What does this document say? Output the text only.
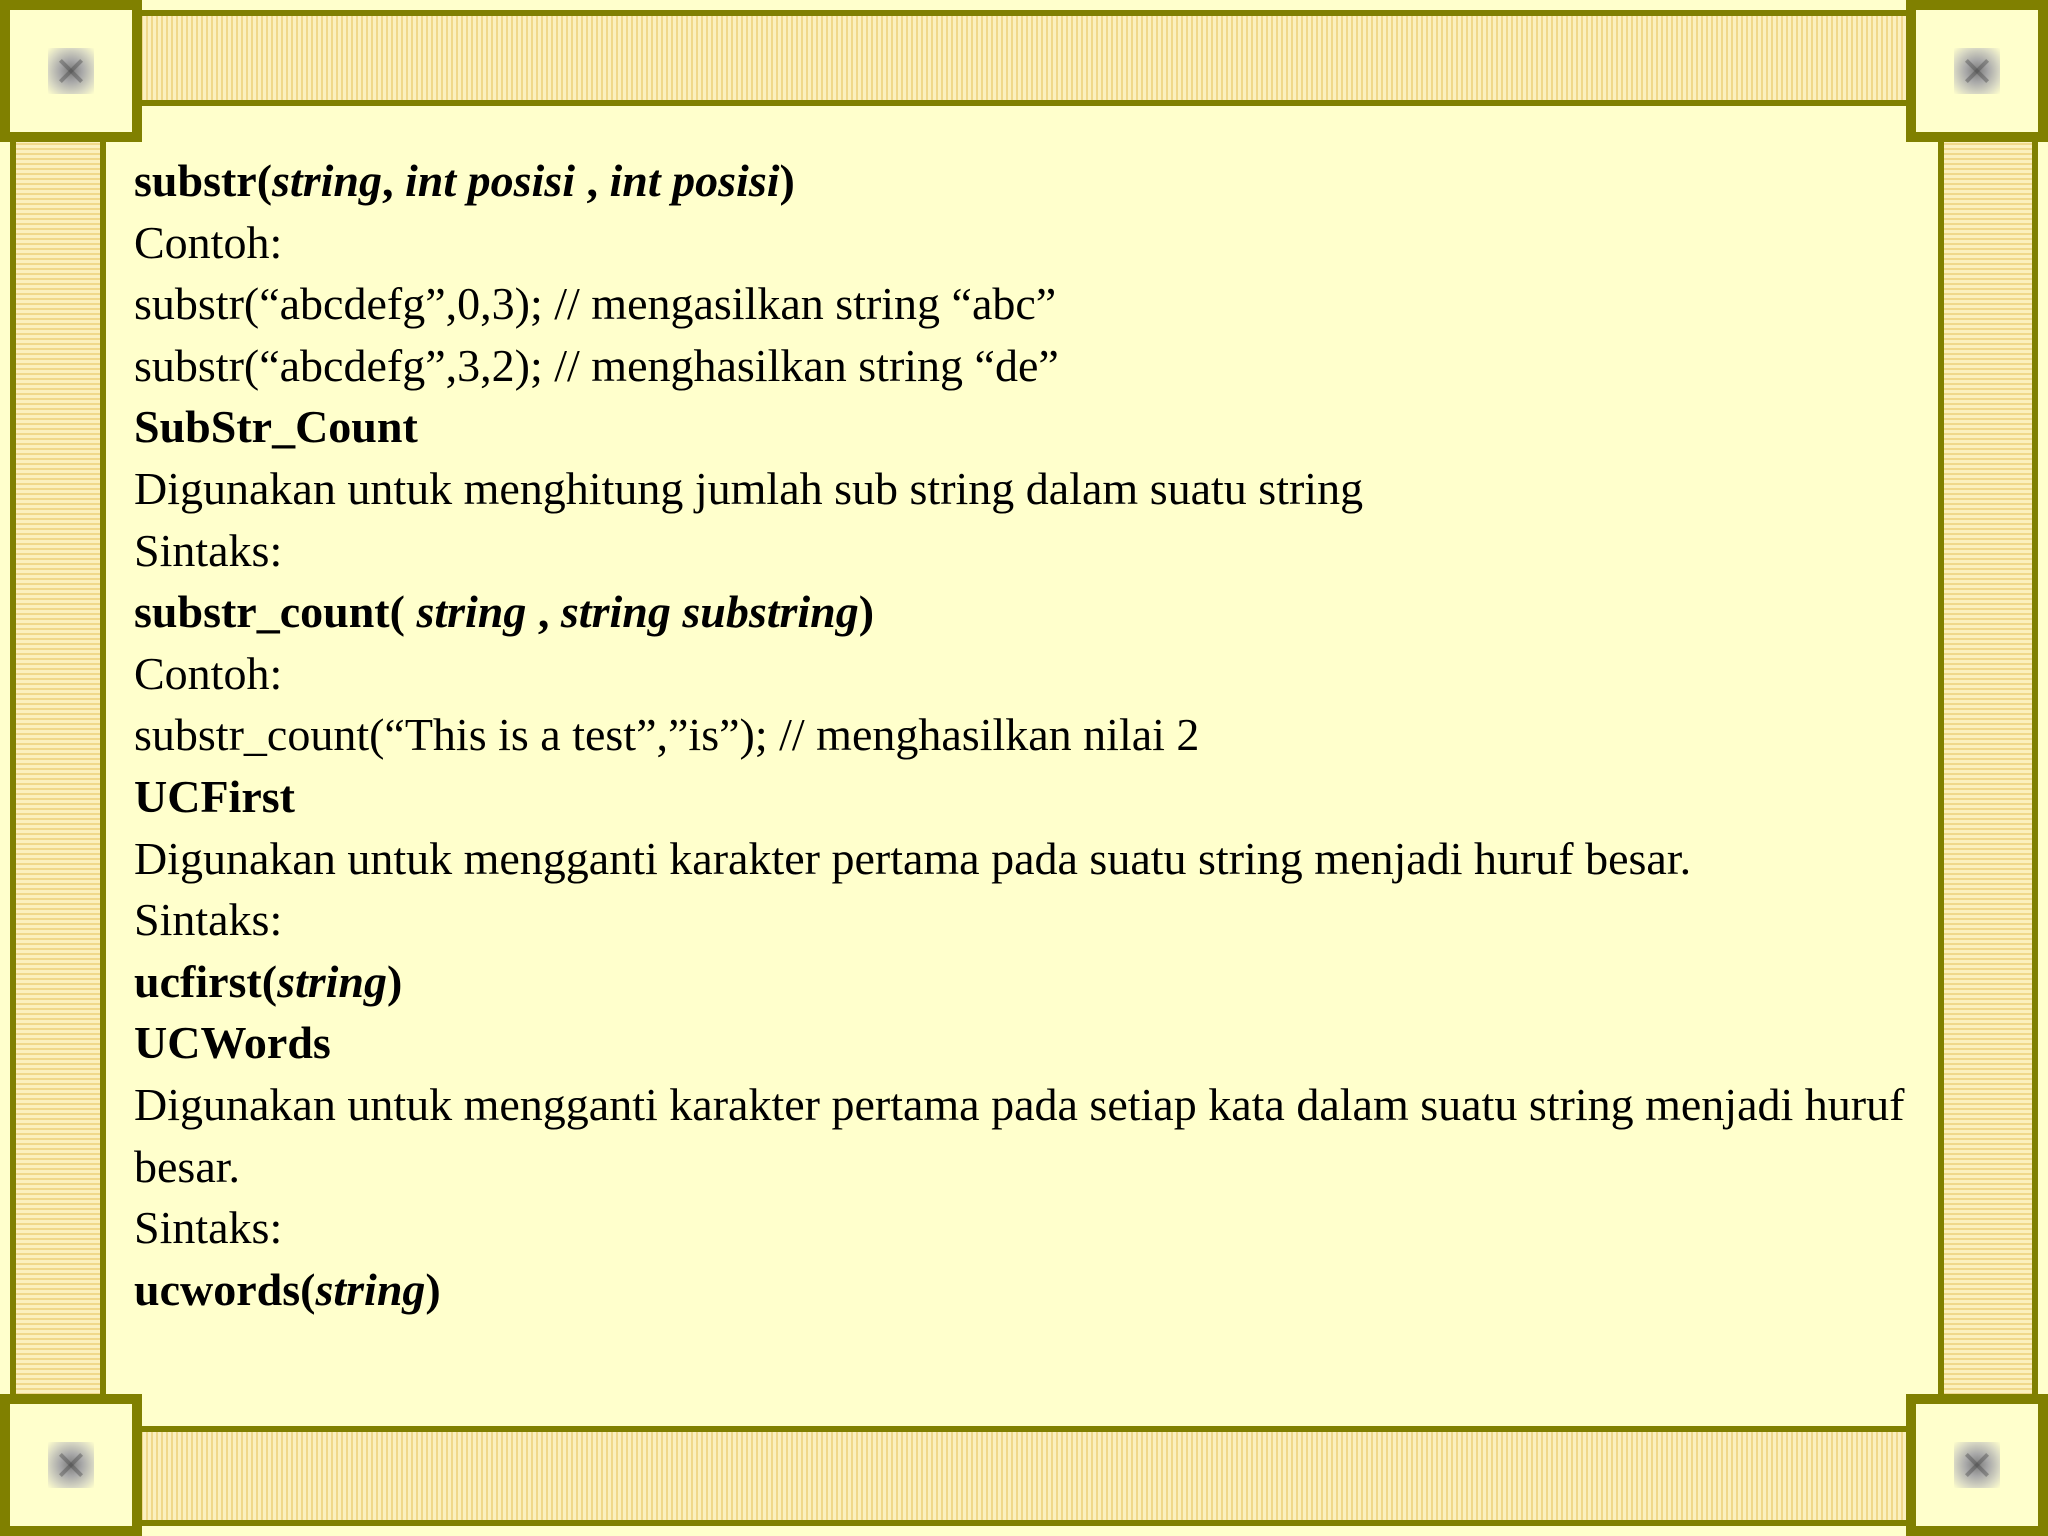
substr(string, int posisi , int posisi)
Contoh:
substr(“abcdefg”,0,3); // mengasilkan string “abc”
substr(“abcdefg”,3,2); // menghasilkan string “de”
SubStr_Count
Digunakan untuk menghitung jumlah sub string dalam suatu string
Sintaks:
substr_count( string , string substring)
Contoh:
substr_count(“This is a test”,”is”); // menghasilkan nilai 2
UCFirst
Digunakan untuk mengganti karakter pertama pada suatu string menjadi huruf besar.
Sintaks:
ucfirst(string)
UCWords
Digunakan untuk mengganti karakter pertama pada setiap kata dalam suatu string menjadi huruf besar.
Sintaks:
ucwords(string)
